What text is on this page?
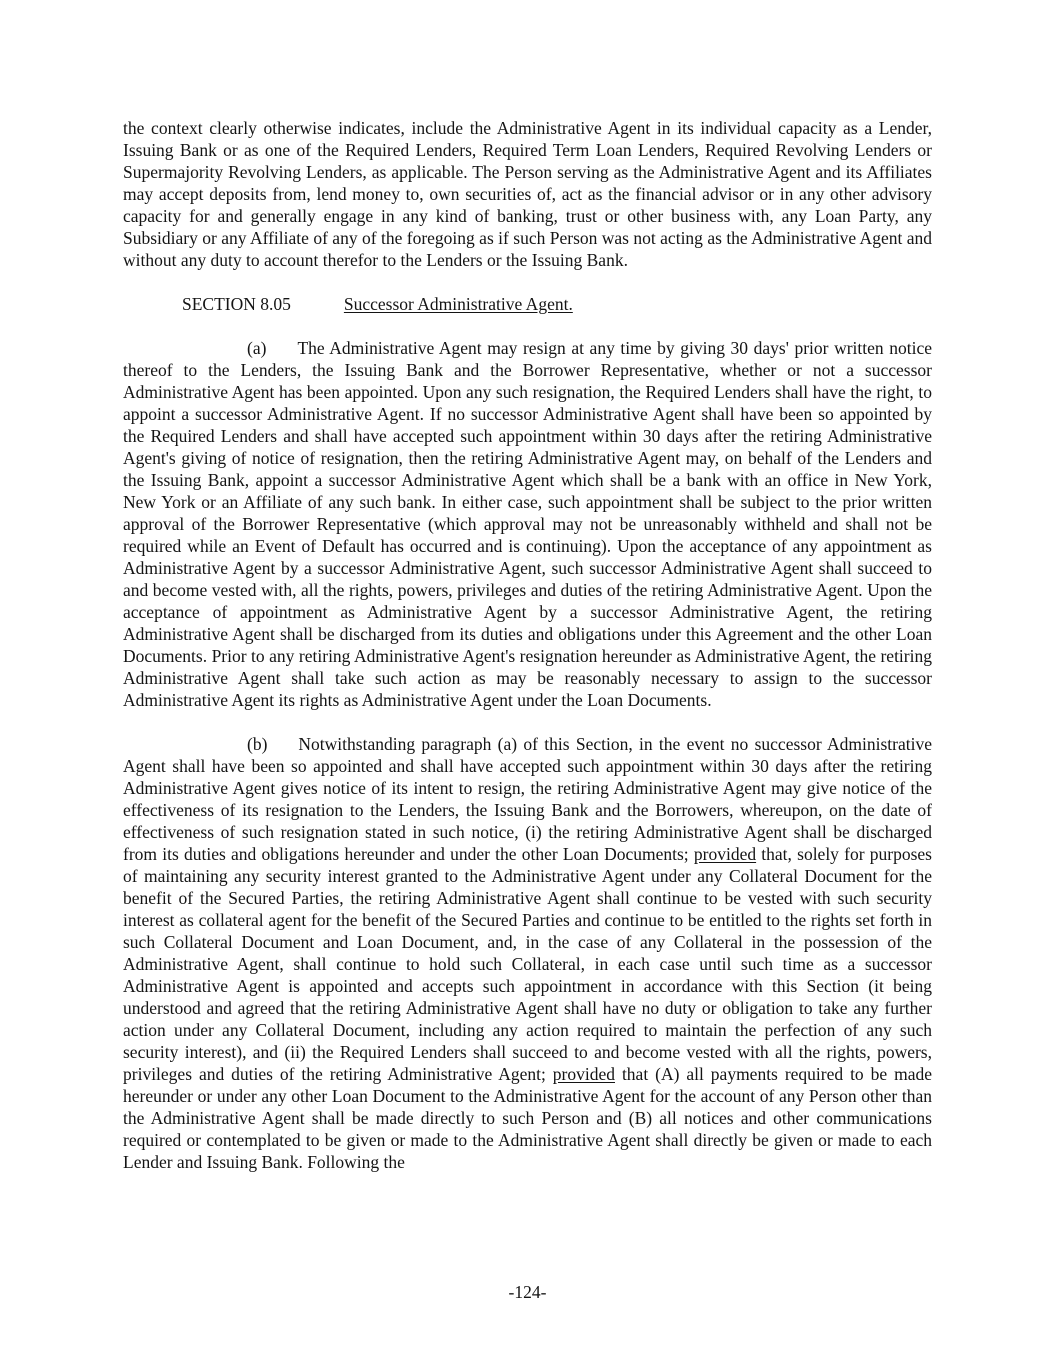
the context clearly otherwise indicates, include the Administrative Agent in its individual capacity as a Lender, Issuing Bank or as one of the Required Lenders, Required Term Loan Lenders, Required Revolving Lenders or Supermajority Revolving Lenders, as applicable. The Person serving as the Administrative Agent and its Affiliates may accept deposits from, lend money to, own securities of, act as the financial advisor or in any other advisory capacity for and generally engage in any kind of banking, trust or other business with, any Loan Party, any Subsidiary or any Affiliate of any of the foregoing as if such Person was not acting as the Administrative Agent and without any duty to account therefor to the Lenders or the Issuing Bank.

SECTION 8.05	Successor Administrative Agent.

(a) The Administrative Agent may resign at any time by giving 30 days' prior written notice thereof to the Lenders, the Issuing Bank and the Borrower Representative, whether or not a successor Administrative Agent has been appointed. Upon any such resignation, the Required Lenders shall have the right, to appoint a successor Administrative Agent. If no successor Administrative Agent shall have been so appointed by the Required Lenders and shall have accepted such appointment within 30 days after the retiring Administrative Agent's giving of notice of resignation, then the retiring Administrative Agent may, on behalf of the Lenders and the Issuing Bank, appoint a successor Administrative Agent which shall be a bank with an office in New York, New York or an Affiliate of any such bank. In either case, such appointment shall be subject to the prior written approval of the Borrower Representative (which approval may not be unreasonably withheld and shall not be required while an Event of Default has occurred and is continuing). Upon the acceptance of any appointment as Administrative Agent by a successor Administrative Agent, such successor Administrative Agent shall succeed to and become vested with, all the rights, powers, privileges and duties of the retiring Administrative Agent. Upon the acceptance of appointment as Administrative Agent by a successor Administrative Agent, the retiring Administrative Agent shall be discharged from its duties and obligations under this Agreement and the other Loan Documents. Prior to any retiring Administrative Agent's resignation hereunder as Administrative Agent, the retiring Administrative Agent shall take such action as may be reasonably necessary to assign to the successor Administrative Agent its rights as Administrative Agent under the Loan Documents.

(b) Notwithstanding paragraph (a) of this Section, in the event no successor Administrative Agent shall have been so appointed and shall have accepted such appointment within 30 days after the retiring Administrative Agent gives notice of its intent to resign, the retiring Administrative Agent may give notice of the effectiveness of its resignation to the Lenders, the Issuing Bank and the Borrowers, whereupon, on the date of effectiveness of such resignation stated in such notice, (i) the retiring Administrative Agent shall be discharged from its duties and obligations hereunder and under the other Loan Documents; provided that, solely for purposes of maintaining any security interest granted to the Administrative Agent under any Collateral Document for the benefit of the Secured Parties, the retiring Administrative Agent shall continue to be vested with such security interest as collateral agent for the benefit of the Secured Parties and continue to be entitled to the rights set forth in such Collateral Document and Loan Document, and, in the case of any Collateral in the possession of the Administrative Agent, shall continue to hold such Collateral, in each case until such time as a successor Administrative Agent is appointed and accepts such appointment in accordance with this Section (it being understood and agreed that the retiring Administrative Agent shall have no duty or obligation to take any further action under any Collateral Document, including any action required to maintain the perfection of any such security interest), and (ii) the Required Lenders shall succeed to and become vested with all the rights, powers, privileges and duties of the retiring Administrative Agent; provided that (A) all payments required to be made hereunder or under any other Loan Document to the Administrative Agent for the account of any Person other than the Administrative Agent shall be made directly to such Person and (B) all notices and other communications required or contemplated to be given or made to the Administrative Agent shall directly be given or made to each Lender and Issuing Bank. Following the

-124-
